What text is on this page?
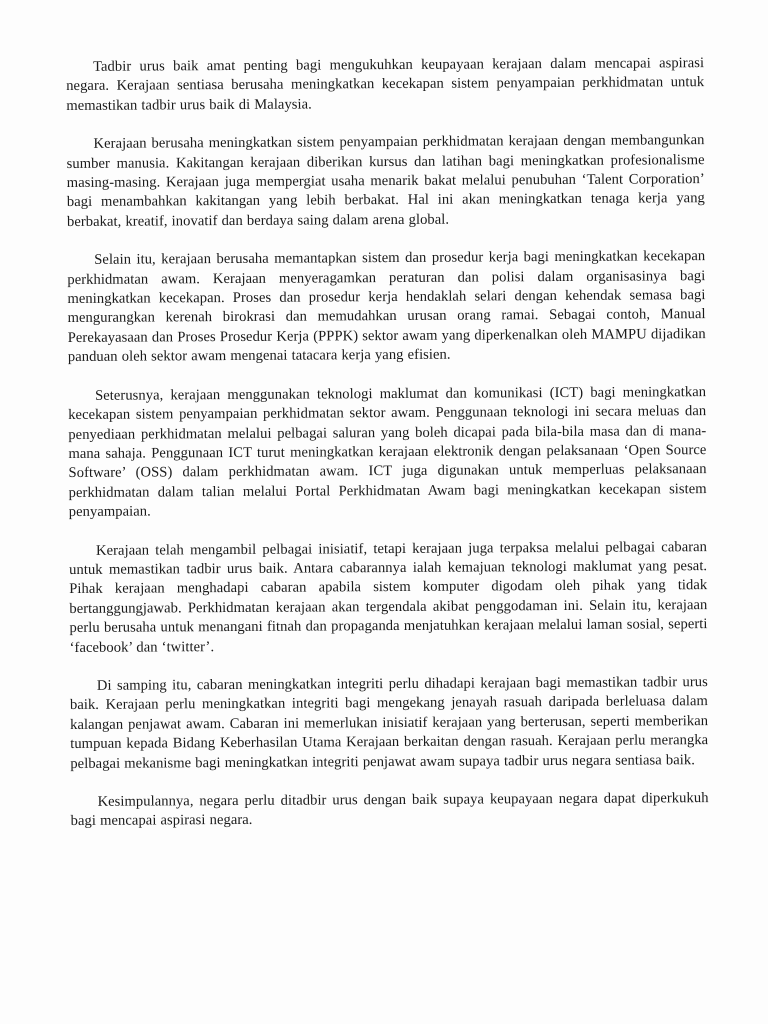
Tadbir urus baik amat penting bagi mengukuhkan keupayaan kerajaan dalam mencapai aspirasi negara. Kerajaan sentiasa berusaha meningkatkan kecekapan sistem penyampaian perkhidmatan untuk memastikan tadbir urus baik di Malaysia.

Kerajaan berusaha meningkatkan sistem penyampaian perkhidmatan kerajaan dengan membangunkan sumber manusia. Kakitangan kerajaan diberikan kursus dan latihan bagi meningkatkan profesionalisme masing-masing. Kerajaan juga mempergiat usaha menarik bakat melalui penubuhan ‘Talent Corporation’ bagi menambahkan kakitangan yang lebih berbakat. Hal ini akan meningkatkan tenaga kerja yang berbakat, kreatif, inovatif dan berdaya saing dalam arena global.

Selain itu, kerajaan berusaha memantapkan sistem dan prosedur kerja bagi meningkatkan kecekapan perkhidmatan awam. Kerajaan menyeragamkan peraturan dan polisi dalam organisasinya bagi meningkatkan kecekapan. Proses dan prosedur kerja hendaklah selari dengan kehendak semasa bagi mengurangkan kerenah birokrasi dan memudahkan urusan orang ramai. Sebagai contoh, Manual Perekayasaan dan Proses Prosedur Kerja (PPPK) sektor awam yang diperkenalkan oleh MAMPU dijadikan panduan oleh sektor awam mengenai tatacara kerja yang efisien.

Seterusnya, kerajaan menggunakan teknologi maklumat dan komunikasi (ICT) bagi meningkatkan kecekapan sistem penyampaian perkhidmatan sektor awam. Penggunaan teknologi ini secara meluas dan penyediaan perkhidmatan melalui pelbagai saluran yang boleh dicapai pada bila-bila masa dan di mana-mana sahaja. Penggunaan ICT turut meningkatkan kerajaan elektronik dengan pelaksanaan ‘Open Source Software’ (OSS) dalam perkhidmatan awam. ICT juga digunakan untuk memperluas pelaksanaan perkhidmatan dalam talian melalui Portal Perkhidmatan Awam bagi meningkatkan kecekapan sistem penyampaian.

Kerajaan telah mengambil pelbagai inisiatif, tetapi kerajaan juga terpaksa melalui pelbagai cabaran untuk memastikan tadbir urus baik. Antara cabarannya ialah kemajuan teknologi maklumat yang pesat. Pihak kerajaan menghadapi cabaran apabila sistem komputer digodam oleh pihak yang tidak bertanggungjawab. Perkhidmatan kerajaan akan tergendala akibat penggodaman ini. Selain itu, kerajaan perlu berusaha untuk menangani fitnah dan propaganda menjatuhkan kerajaan melalui laman sosial, seperti ‘facebook’ dan ‘twitter’.

Di samping itu, cabaran meningkatkan integriti perlu dihadapi kerajaan bagi memastikan tadbir urus baik. Kerajaan perlu meningkatkan integriti bagi mengekang jenayah rasuah daripada berleluasa dalam kalangan penjawat awam. Cabaran ini memerlukan inisiatif kerajaan yang berterusan, seperti memberikan tumpuan kepada Bidang Keberhasilan Utama Kerajaan berkaitan dengan rasuah. Kerajaan perlu merangka pelbagai mekanisme bagi meningkatkan integriti penjawat awam supaya tadbir urus negara sentiasa baik.

Kesimpulannya, negara perlu ditadbir urus dengan baik supaya keupayaan negara dapat diperkukuh bagi mencapai aspirasi negara.
